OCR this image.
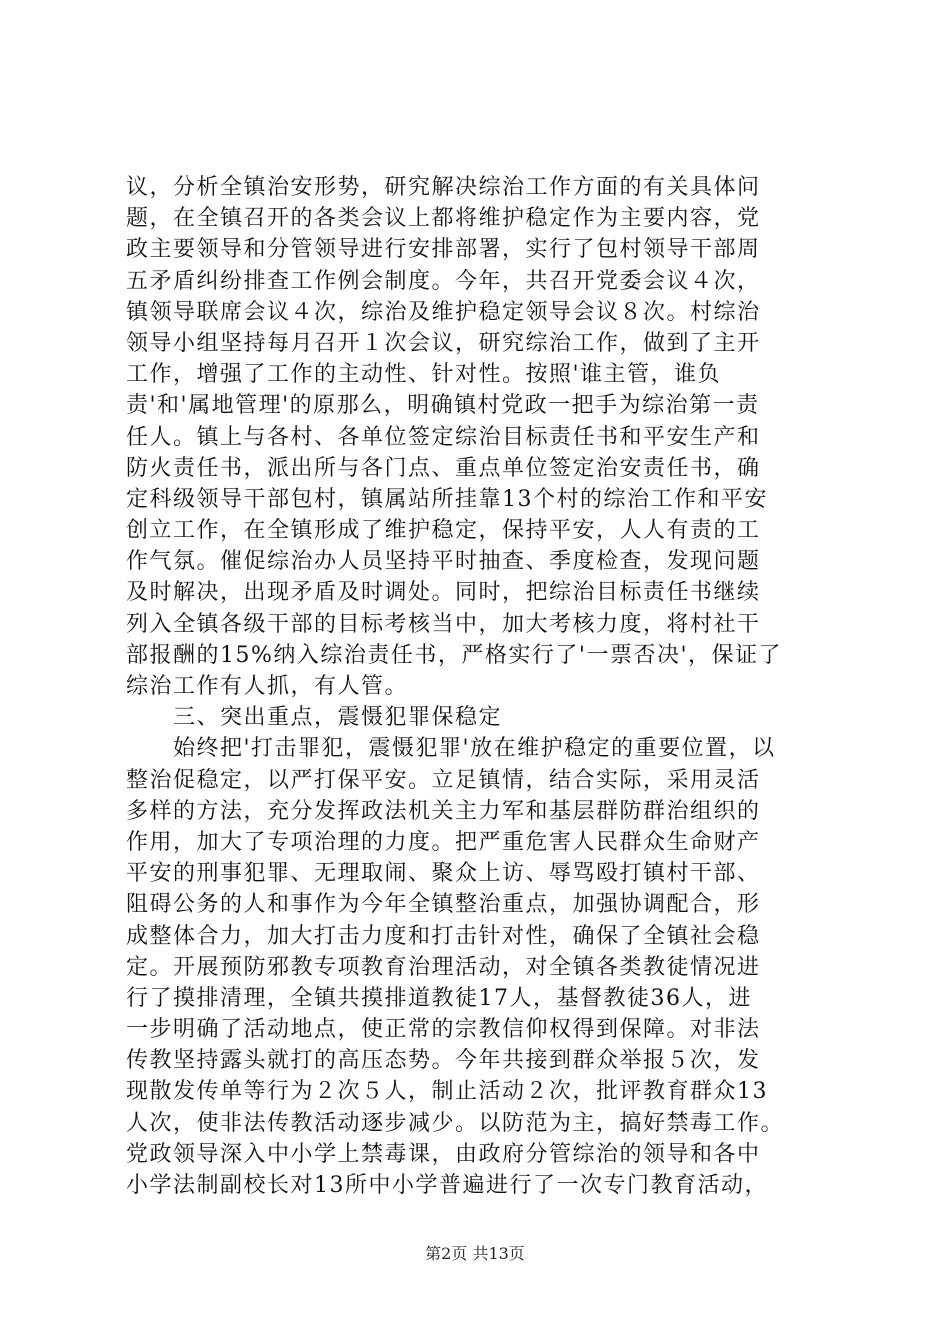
议，分析全镇治安形势，研究解决综治工作方面的有关具体问
题，在全镇召开的各类会议上都将维护稳定作为主要内容，党
政主要领导和分管领导进行安排部署，实行了包村领导干部周
五矛盾纠纷排查工作例会制度。今年，共召开党委会议４次，
镇领导联席会议４次，综治及维护稳定领导会议８次。村综治
领导小组坚持每月召开１次会议，研究综治工作，做到了主开
工作，增强了工作的主动性、针对性。按照'谁主管，谁负
责'和'属地管理'的原那么，明确镇村党政一把手为综治第一责
任人。镇上与各村、各单位签定综治目标责任书和平安生产和
防火责任书，派出所与各门点、重点单位签定治安责任书，确
定科级领导干部包村，镇属站所挂靠13个村的综治工作和平安
创立工作，在全镇形成了维护稳定，保持平安，人人有责的工
作气氛。催促综治办人员坚持平时抽查、季度检查，发现问题
及时解决，出现矛盾及时调处。同时，把综治目标责任书继续
列入全镇各级干部的目标考核当中，加大考核力度，将村社干
部报酬的15%纳入综治责任书，严格实行了'一票否决'，保证了
综治工作有人抓，有人管。
　　三、突出重点，震慑犯罪保稳定
　　始终把'打击罪犯，震慑犯罪'放在维护稳定的重要位置，以
整治促稳定，以严打保平安。立足镇情，结合实际，采用灵活
多样的方法，充分发挥政法机关主力军和基层群防群治组织的
作用，加大了专项治理的力度。把严重危害人民群众生命财产
平安的刑事犯罪、无理取闹、聚众上访、辱骂殴打镇村干部、
阻碍公务的人和事作为今年全镇整治重点，加强协调配合，形
成整体合力，加大打击力度和打击针对性，确保了全镇社会稳
定。开展预防邪教专项教育治理活动，对全镇各类教徒情况进
行了摸排清理，全镇共摸排道教徒17人，基督教徒36人，进
一步明确了活动地点，使正常的宗教信仰权得到保障。对非法
传教坚持露头就打的高压态势。今年共接到群众举报５次，发
现散发传单等行为２次５人，制止活动２次，批评教育群众13
人次，使非法传教活动逐步减少。以防范为主，搞好禁毒工作。
党政领导深入中小学上禁毒课，由政府分管综治的领导和各中
小学法制副校长对13所中小学普遍进行了一次专门教育活动，
第2页 共13页
